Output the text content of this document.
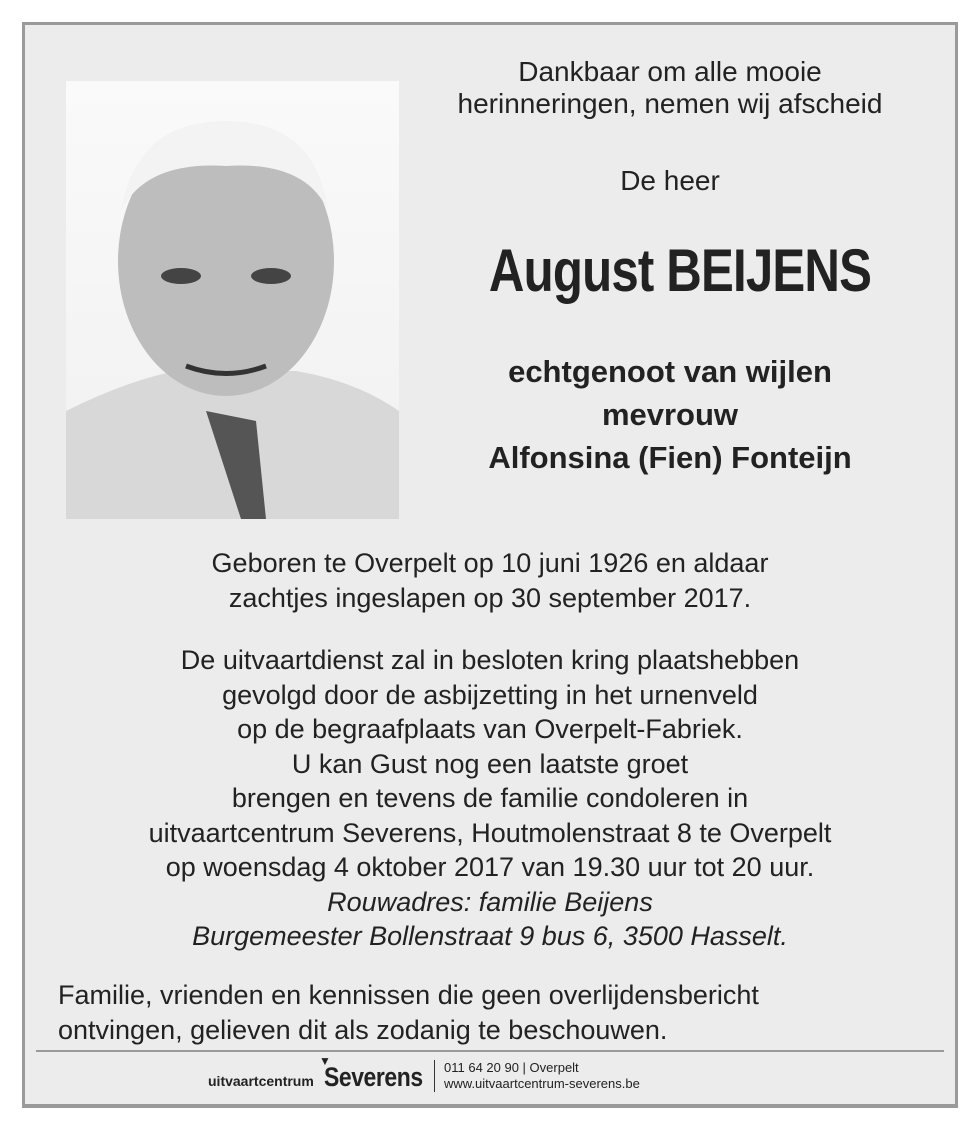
Dankbaar om alle mooie
herinneringen, nemen wij afscheid
De heer
August BEIJENS
echtgenoot van wijlen
mevrouw
Alfonsina (Fien) Fonteijn
Geboren te Overpelt op 10 juni 1926 en aldaar
zachtjes ingeslapen op 30 september 2017.
De uitvaartdienst zal in besloten kring plaatshebben
gevolgd door de asbijzetting in het urnenveld
op de begraafplaats van Overpelt-Fabriek.
U kan Gust nog een laatste groet
brengen en tevens de familie condoleren in
uitvaartcentrum Severens, Houtmolenstraat 8 te Overpelt
op woensdag 4 oktober 2017 van 19.30 uur tot 20 uur.
Rouwadres: familie Beijens
Burgemeester Bollenstraat 9 bus 6, 3500 Hasselt.
Familie, vrienden en kennissen die geen overlijdensbericht
ontvingen, gelieven dit als zodanig te beschouwen.
uitvaartcentrum
▼
Severens 011 64 20 90 | Overpelt
www.uitvaartcentrum-severens.be
